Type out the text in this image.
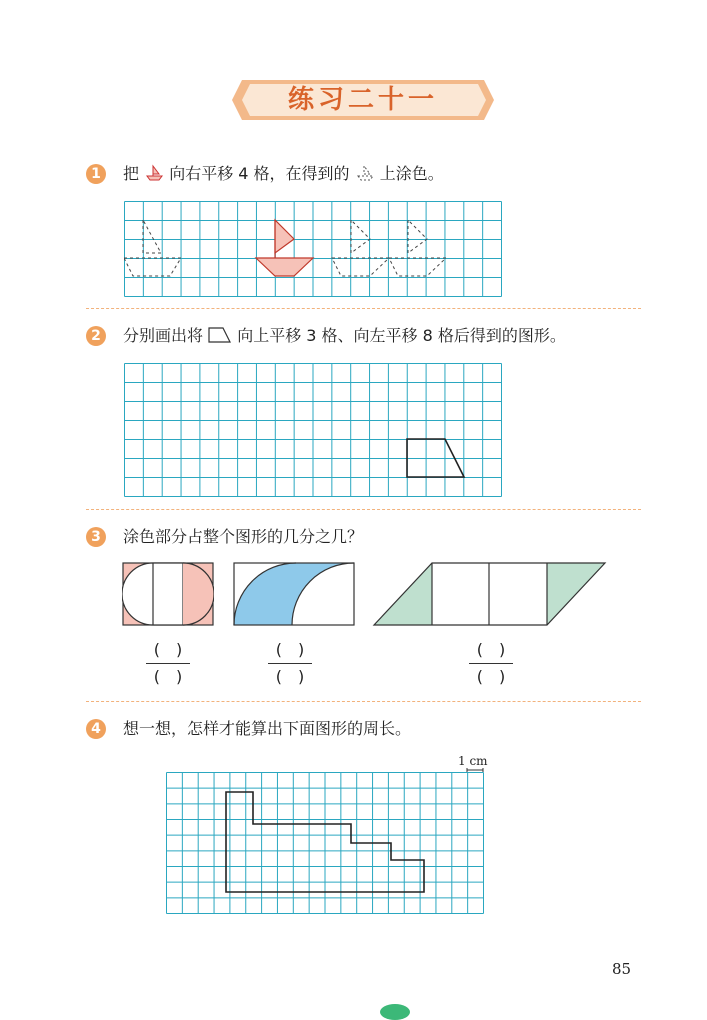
练习二十一
1	把 向右平移 4 格，在得到的 上涂色。
2	分别画出将 向上平移 3 格、向左平移 8 格后得到的图形。
3	涂色部分占整个图形的几分之几？
(　)
(　)
(　)
(　)
(　)
(　)
4	想一想，怎样才能算出下面图形的周长。
1 cm
85
